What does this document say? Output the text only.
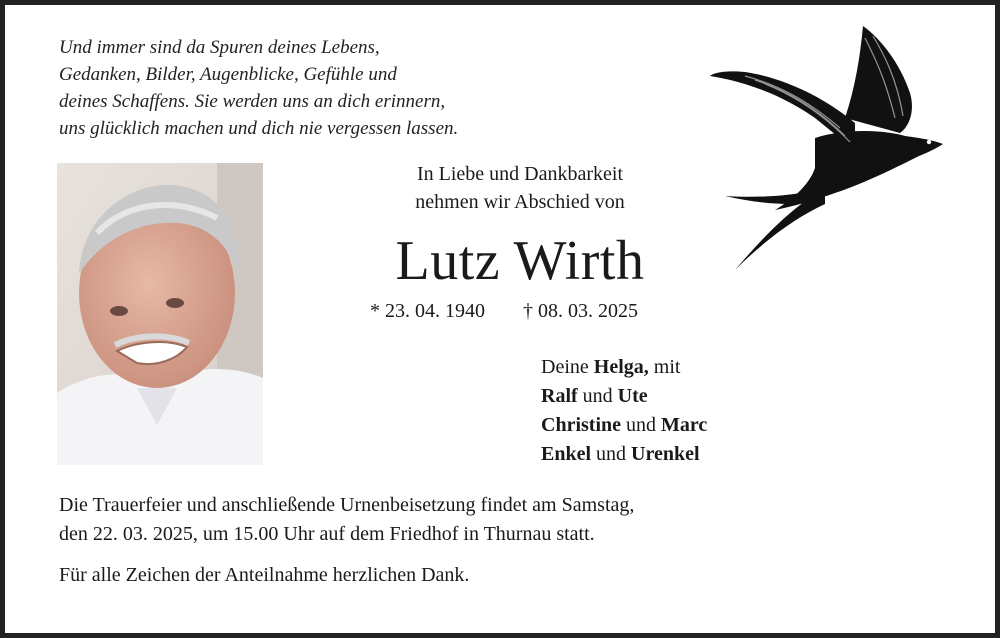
Und immer sind da Spuren deines Lebens,
Gedanken, Bilder, Augenblicke, Gefühle und
deines Schaffens. Sie werden uns an dich erinnern,
uns glücklich machen und dich nie vergessen lassen.
In Liebe und Dankbarkeit
nehmen wir Abschied von
Lutz Wirth
* 23. 04. 1940 † 08. 03. 2025
Deine Helga, mit
Ralf und Ute
Christine und Marc
Enkel und Urenkel
Die Trauerfeier und anschließende Urnenbeisetzung findet am Samstag,
den 22. 03. 2025, um 15.00 Uhr auf dem Friedhof in Thurnau statt.
Für alle Zeichen der Anteilnahme herzlichen Dank.
